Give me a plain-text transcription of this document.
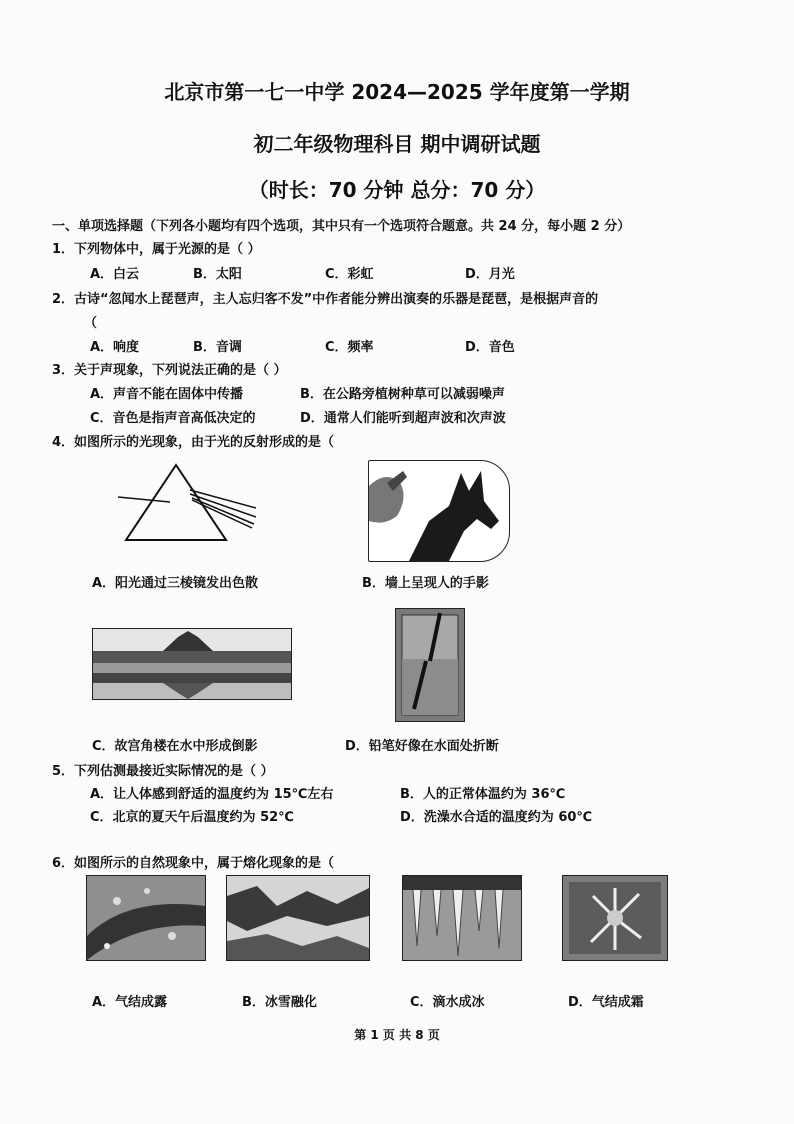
北京市第一七一中学 2024—2025 学年度第一学期
初二年级物理科目 期中调研试题
（时长：70 分钟 总分：70 分）
一、单项选择题（下列各小题均有四个选项，其中只有一个选项符合题意。共 24 分，每小题 2 分）
1．下列物体中，属于光源的是（ ）
A．白云	B．太阳	C．彩虹	D．月光
2．古诗“忽闻水上琵琶声，主人忘归客不发”中作者能分辨出演奏的乐器是琵琶，是根据声音的
（
A．响度	B．音调	C．频率	D．音色
3．关于声现象，下列说法正确的是（ ）
A．声音不能在固体中传播	B．在公路旁植树种草可以减弱噪声
C．音色是指声音高低决定的	D．通常人们能听到超声波和次声波
4．如图所示的光现象，由于光的反射形成的是（
A．阳光通过三棱镜发出色散	B．墙上呈现人的手影
C．故宫角楼在水中形成倒影	D．铅笔好像在水面处折断
5．下列估测最接近实际情况的是（ ）
A．让人体感到舒适的温度约为 15℃左右	B．人的正常体温约为 36℃
C．北京的夏天午后温度约为 52℃	D．洗澡水合适的温度约为 60℃
6．如图所示的自然现象中，属于熔化现象的是（
A．气结成露	B．冰雪融化	C．滴水成冰	D．气结成霜
第 1 页 共 8 页
